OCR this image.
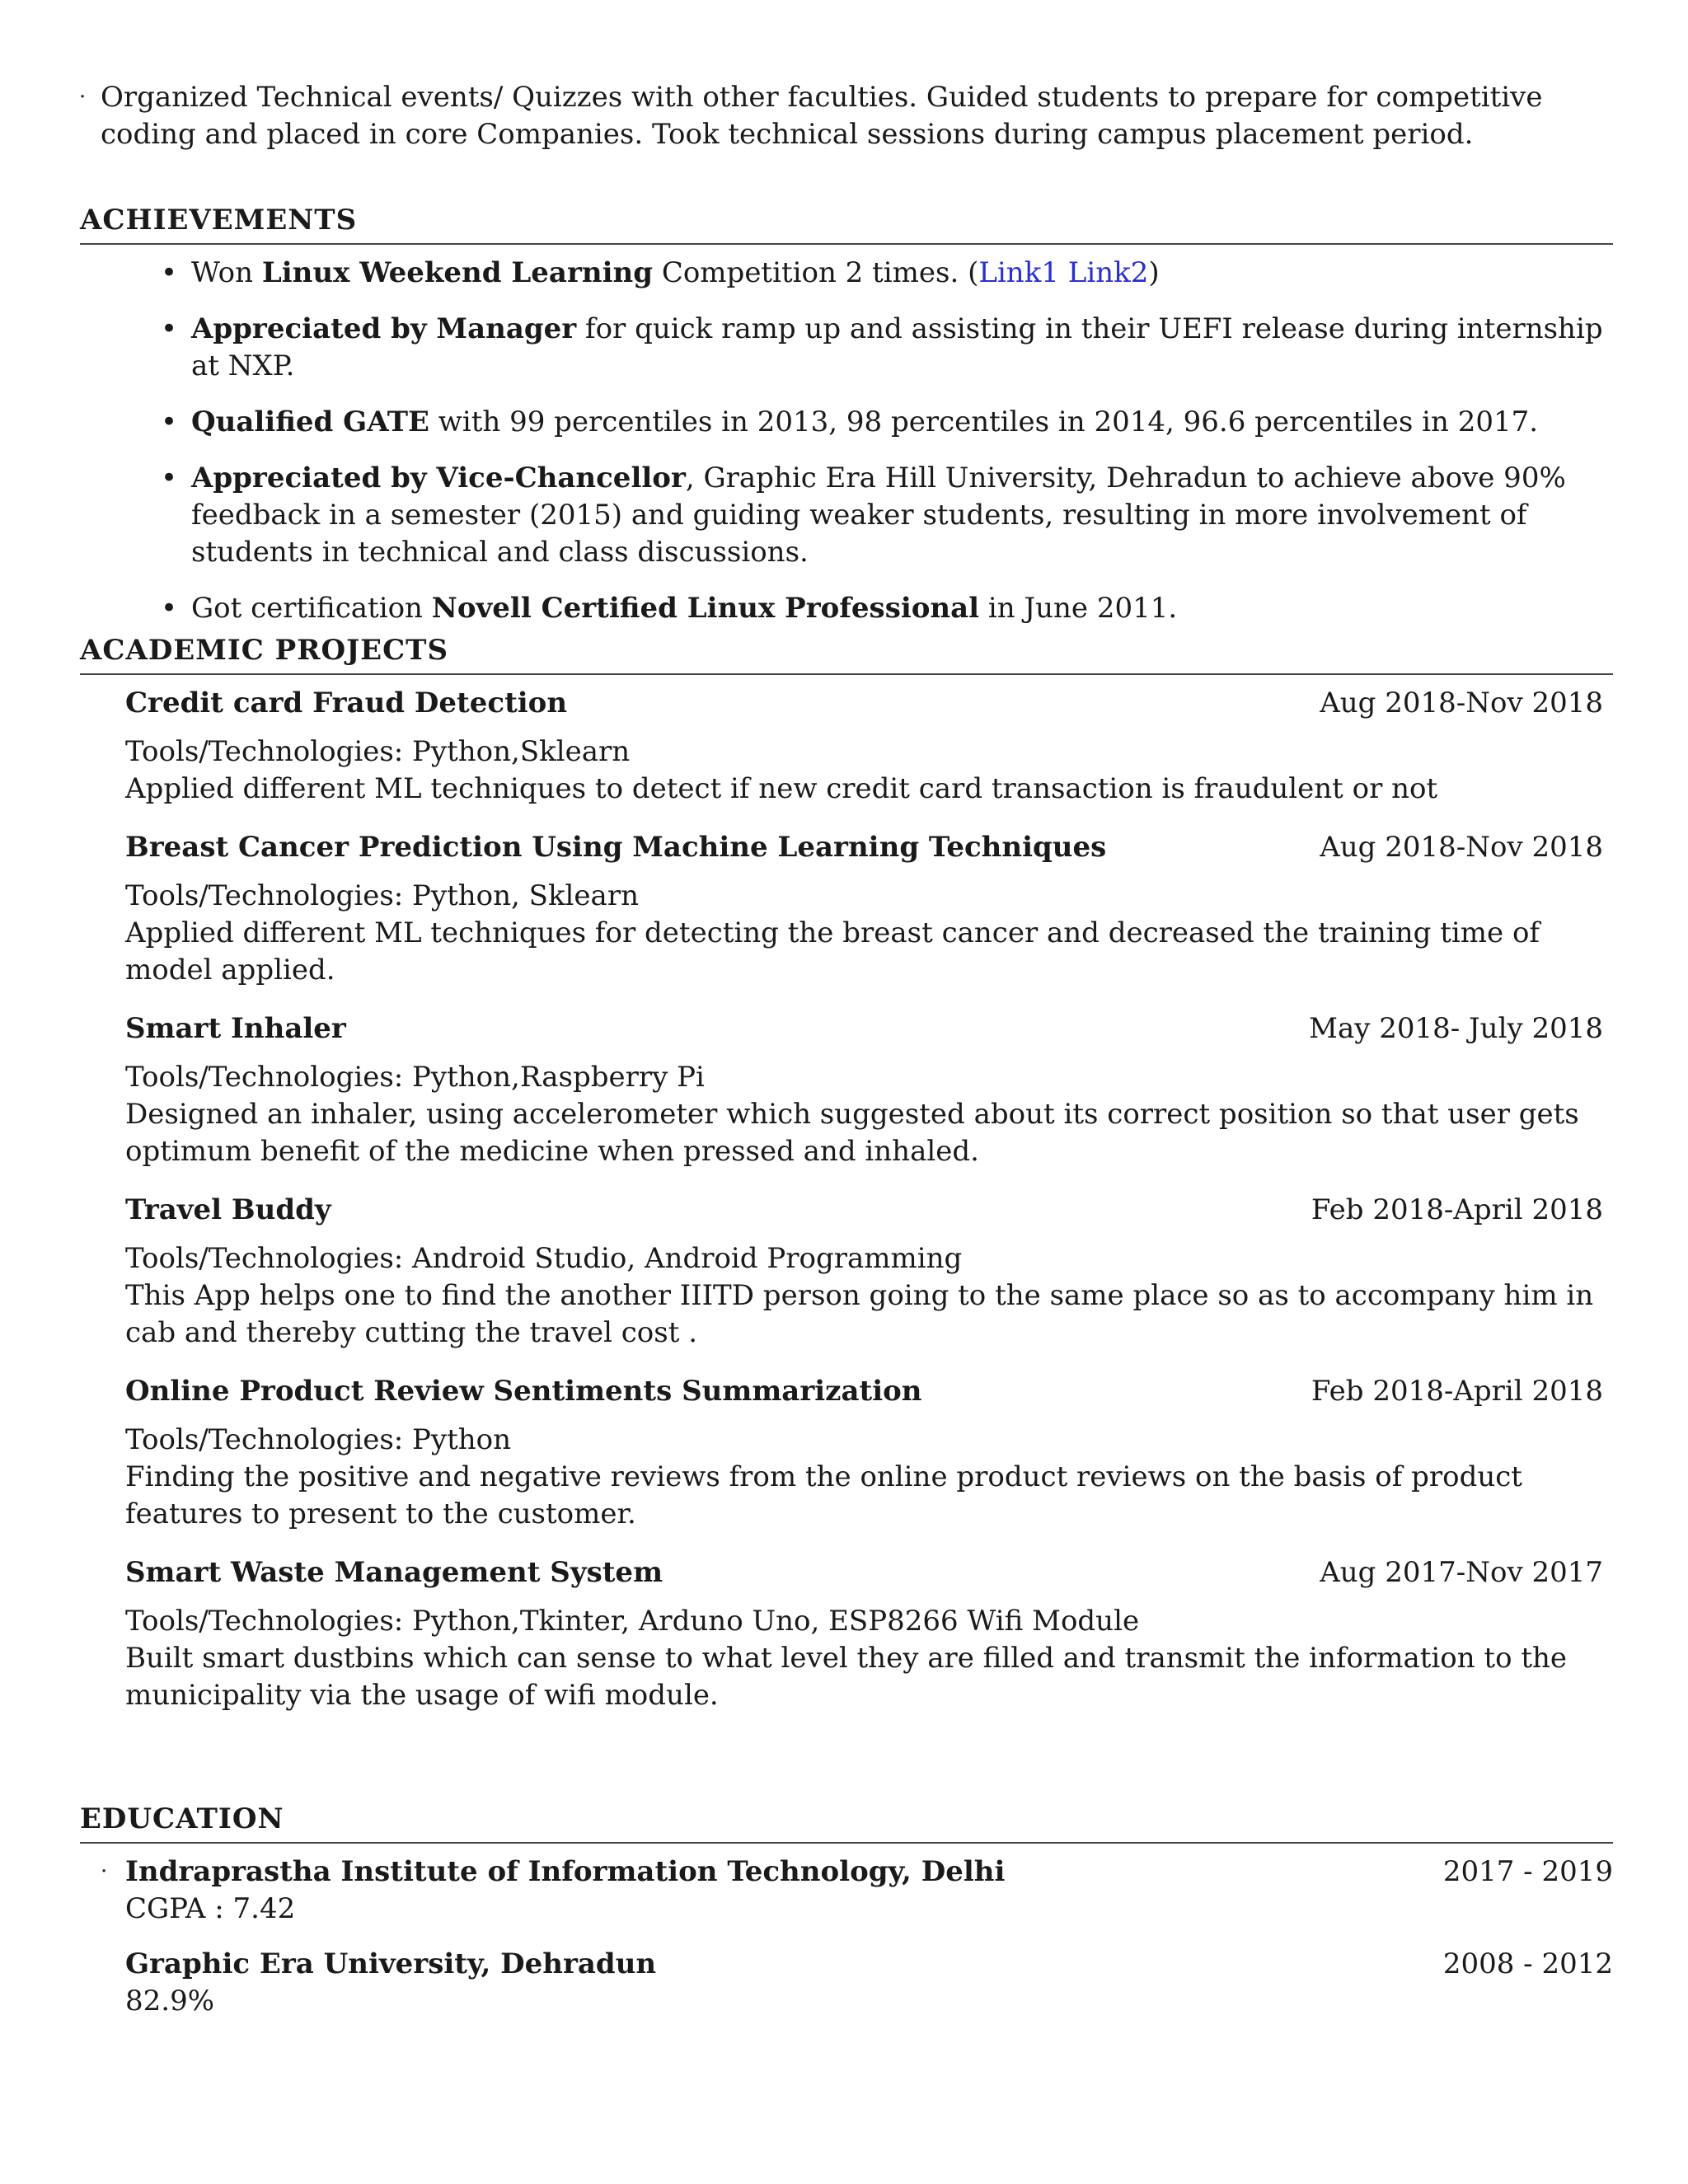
· Organized Technical events/ Quizzes with other faculties. Guided students to prepare for competitive coding and placed in core Companies. Took technical sessions during campus placement period.
ACHIEVEMENTS
• Won Linux Weekend Learning Competition 2 times. (Link1 Link2)
• Appreciated by Manager for quick ramp up and assisting in their UEFI release during internship at NXP.
• Qualified GATE with 99 percentiles in 2013, 98 percentiles in 2014, 96.6 percentiles in 2017.
• Appreciated by Vice-Chancellor, Graphic Era Hill University, Dehradun to achieve above 90% feedback in a semester (2015) and guiding weaker students, resulting in more involvement of students in technical and class discussions.
• Got certification Novell Certified Linux Professional in June 2011.
ACADEMIC PROJECTS
Credit card Fraud Detection	Aug 2018-Nov 2018
Tools/Technologies: Python,Sklearn
Applied different ML techniques to detect if new credit card transaction is fraudulent or not
Breast Cancer Prediction Using Machine Learning Techniques	Aug 2018-Nov 2018
Tools/Technologies: Python, Sklearn
Applied different ML techniques for detecting the breast cancer and decreased the training time of model applied.
Smart Inhaler	May 2018- July 2018
Tools/Technologies: Python,Raspberry Pi
Designed an inhaler, using accelerometer which suggested about its correct position so that user gets optimum benefit of the medicine when pressed and inhaled.
Travel Buddy	Feb 2018-April 2018
Tools/Technologies: Android Studio, Android Programming
This App helps one to find the another IIITD person going to the same place so as to accompany him in cab and thereby cutting the travel cost .
Online Product Review Sentiments Summarization	Feb 2018-April 2018
Tools/Technologies: Python
Finding the positive and negative reviews from the online product reviews on the basis of product features to present to the customer.
Smart Waste Management System	Aug 2017-Nov 2017
Tools/Technologies: Python,Tkinter, Arduno Uno, ESP8266 Wifi Module
Built smart dustbins which can sense to what level they are filled and transmit the information to the municipality via the usage of wifi module.
EDUCATION
· Indraprastha Institute of Information Technology, Delhi	2017 - 2019
CGPA : 7.42
Graphic Era University, Dehradun	2008 - 2012
82.9%
